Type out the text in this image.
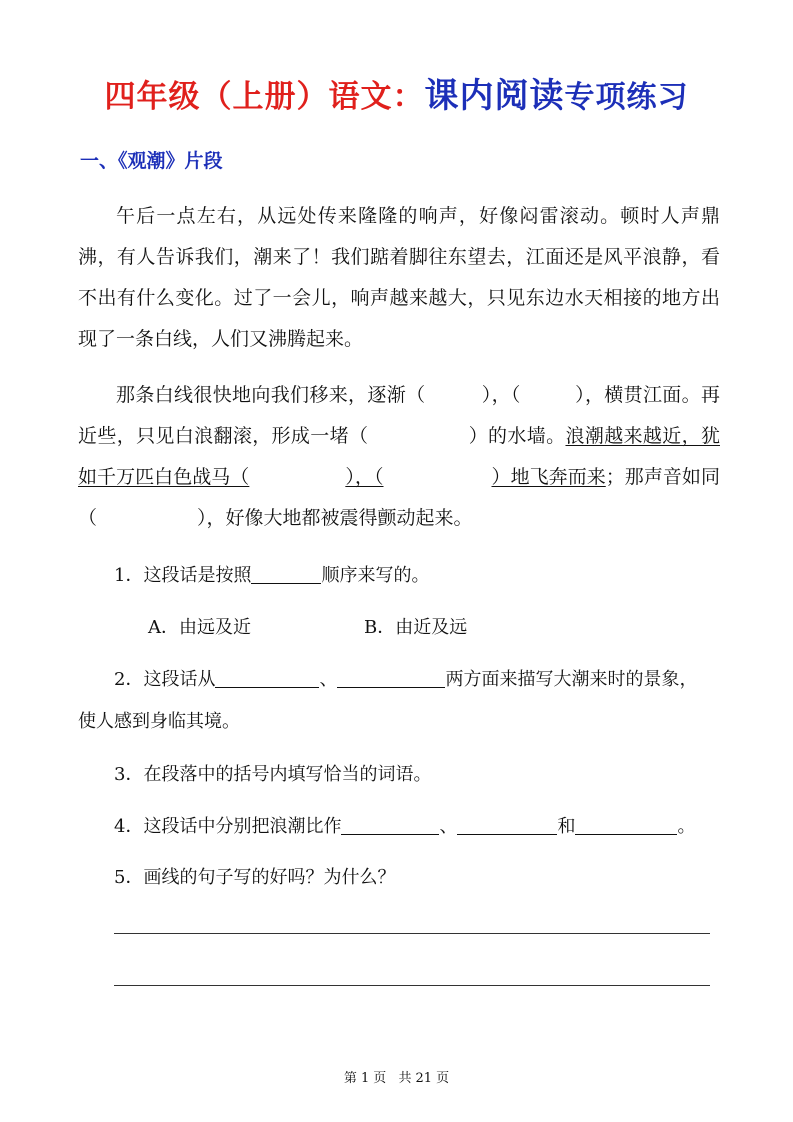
四年级（上册）语文：课内阅读专项练习
一、《观潮》片段

午后一点左右，从远处传来隆隆的响声，好像闷雷滚动。顿时人声鼎沸，有人告诉我们，潮来了！我们踮着脚往东望去，江面还是风平浪静，看不出有什么变化。过了一会儿，响声越来越大，只见东边水天相接的地方出现了一条白线，人们又沸腾起来。

那条白线很快地向我们移来，逐渐（	），（	），横贯江面。再近些，只见白浪翻滚，形成一堵（	）的水墙。浪潮越来越近，犹如千万匹白色战马（	），（	）地飞奔而来；那声音如同（	），好像大地都被震得颤动起来。

1．这段话是按照	顺序来写的。
A．由远及近	B．由近及远
2．这段话从	、	两方面来描写大潮来时的景象，
使人感到身临其境。
3．在段落中的括号内填写恰当的词语。
4．这段话中分别把浪潮比作	、	和	。
5．画线的句子写的好吗？为什么？
第 1 页 共 21 页
